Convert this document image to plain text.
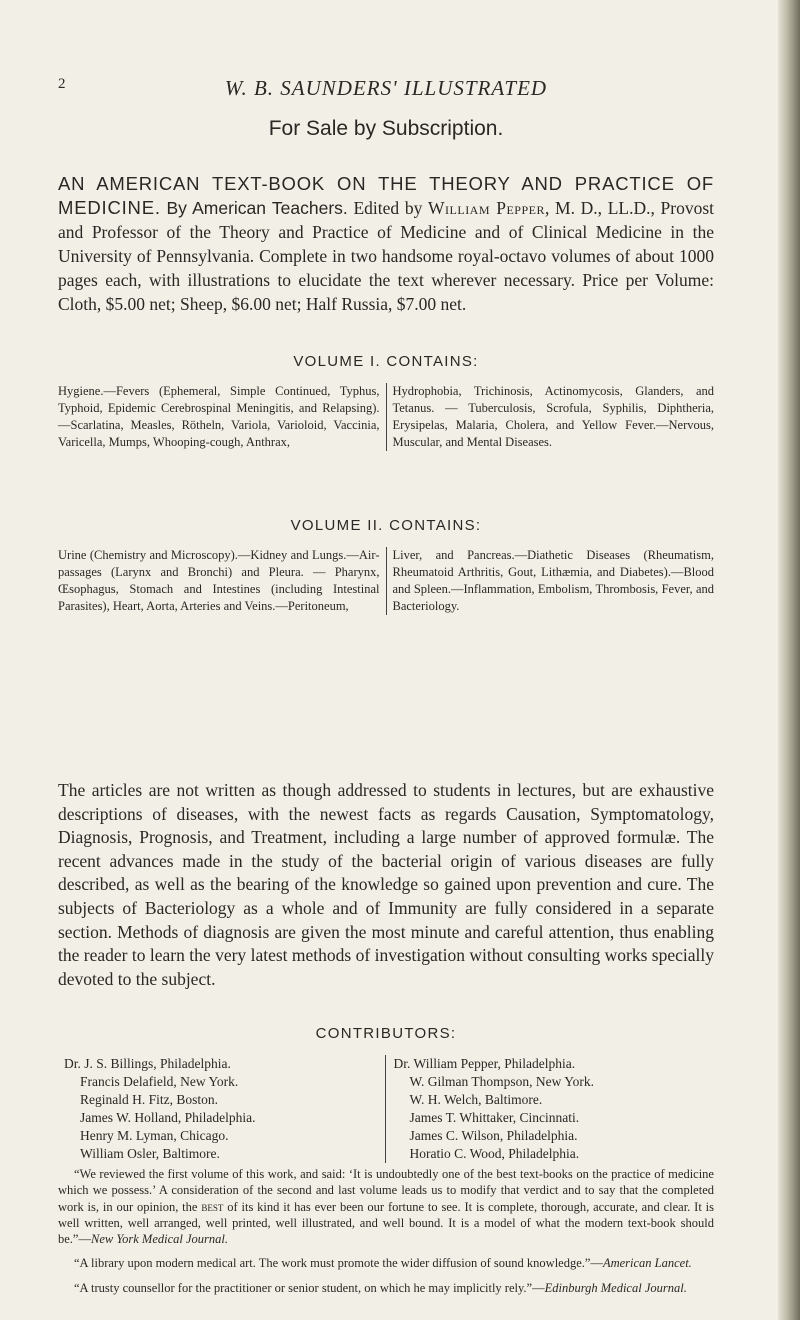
2	W. B. SAUNDERS' ILLUSTRATED
For Sale by Subscription.

AN AMERICAN TEXT-BOOK ON THE THEORY AND PRACTICE OF MEDICINE. By American Teachers. Edited by William Pepper, M. D., LL.D., Provost and Professor of the Theory and Practice of Medicine and of Clinical Medicine in the University of Pennsylvania. Complete in two handsome royal-octavo volumes of about 1000 pages each, with illustrations to elucidate the text wherever necessary. Price per Volume: Cloth, $5.00 net; Sheep, $6.00 net; Half Russia, $7.00 net.

VOLUME I. CONTAINS:
Hygiene.—Fevers (Ephemeral, Simple Continued, Typhus, Typhoid, Epidemic Cerebrospinal Meningitis, and Relapsing).—Scarlatina, Measles, Rötheln, Variola, Varioloid, Vaccinia, Varicella, Mumps, Whooping-cough, Anthrax,
Hydrophobia, Trichinosis, Actinomycosis, Glanders, and Tetanus. — Tuberculosis, Scrofula, Syphilis, Diphtheria, Erysipelas, Malaria, Cholera, and Yellow Fever.—Nervous, Muscular, and Mental Diseases.
VOLUME II. CONTAINS:
Urine (Chemistry and Microscopy).—Kidney and Lungs.—Air-passages (Larynx and Bronchi) and Pleura. — Pharynx, Œsophagus, Stomach and Intestines (including Intestinal Parasites), Heart, Aorta, Arteries and Veins.—Peritoneum,
Liver, and Pancreas.—Diathetic Diseases (Rheumatism, Rheumatoid Arthritis, Gout, Lithæmia, and Diabetes).—Blood and Spleen.—Inflammation, Embolism, Thrombosis, Fever, and Bacteriology.

The articles are not written as though addressed to students in lectures, but are exhaustive descriptions of diseases, with the newest facts as regards Causation, Symptomatology, Diagnosis, Prognosis, and Treatment, including a large number of approved formulæ. The recent advances made in the study of the bacterial origin of various diseases are fully described, as well as the bearing of the knowledge so gained upon prevention and cure. The subjects of Bacteriology as a whole and of Immunity are fully considered in a separate section. Methods of diagnosis are given the most minute and careful attention, thus enabling the reader to learn the very latest methods of investigation without consulting works specially devoted to the subject.

CONTRIBUTORS:
Dr. J. S. Billings, Philadelphia.
Francis Delafield, New York.
Reginald H. Fitz, Boston.
James W. Holland, Philadelphia.
Henry M. Lyman, Chicago.
William Osler, Baltimore.
Dr. William Pepper, Philadelphia.
W. Gilman Thompson, New York.
W. H. Welch, Baltimore.
James T. Whittaker, Cincinnati.
James C. Wilson, Philadelphia.
Horatio C. Wood, Philadelphia.

“We reviewed the first volume of this work, and said: ‘It is undoubtedly one of the best text-books on the practice of medicine which we possess.’ A consideration of the second and last volume leads us to modify that verdict and to say that the completed work is, in our opinion, the best of its kind it has ever been our fortune to see. It is complete, thorough, accurate, and clear. It is well written, well arranged, well printed, well illustrated, and well bound. It is a model of what the modern text-book should be.”—New York Medical Journal.

“A library upon modern medical art. The work must promote the wider diffusion of sound knowledge.”—American Lancet.

“A trusty counsellor for the practitioner or senior student, on which he may implicitly rely.”—Edinburgh Medical Journal.
